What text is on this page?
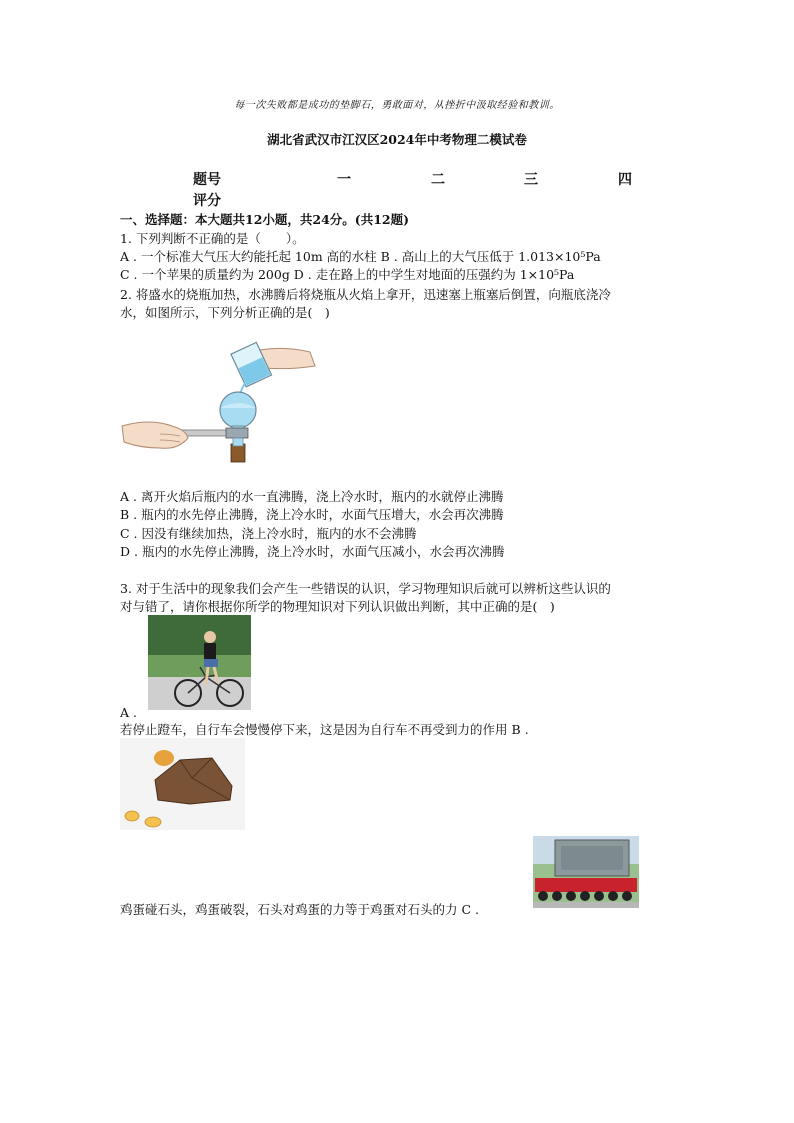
每一次失败都是成功的垫脚石，勇敢面对，从挫折中汲取经验和教训。
湖北省武汉市江汉区2024年中考物理二模试卷
题号	一	二	三	四
评分
一、选择题：本大题共12小题，共24分。(共12题)
1. 下列判断不正确的是（　　）。
A . 一个标准大气压大约能托起 10m 高的水柱 B . 高山上的大气压低于 1.013×10⁵Pa
C . 一个苹果的质量约为 200g D . 走在路上的中学生对地面的压强约为 1×10⁵Pa
2. 将盛水的烧瓶加热，水沸腾后将烧瓶从火焰上拿开，迅速塞上瓶塞后倒置，向瓶底浇冷
水，如图所示，下列分析正确的是(　)
A . 离开火焰后瓶内的水一直沸腾，浇上冷水时，瓶内的水就停止沸腾
B . 瓶内的水先停止沸腾，浇上冷水时，水面气压增大，水会再次沸腾
C . 因没有继续加热，浇上冷水时，瓶内的水不会沸腾
D . 瓶内的水先停止沸腾，浇上冷水时，水面气压减小，水会再次沸腾
3. 对于生活中的现象我们会产生一些错误的认识，学习物理知识后就可以辨析这些认识的
对与错了，请你根据你所学的物理知识对下列认识做出判断，其中正确的是(　)
A .
若停止蹬车，自行车会慢慢停下来，这是因为自行车不再受到力的作用 B .
鸡蛋碰石头，鸡蛋破裂，石头对鸡蛋的力等于鸡蛋对石头的力 C .
